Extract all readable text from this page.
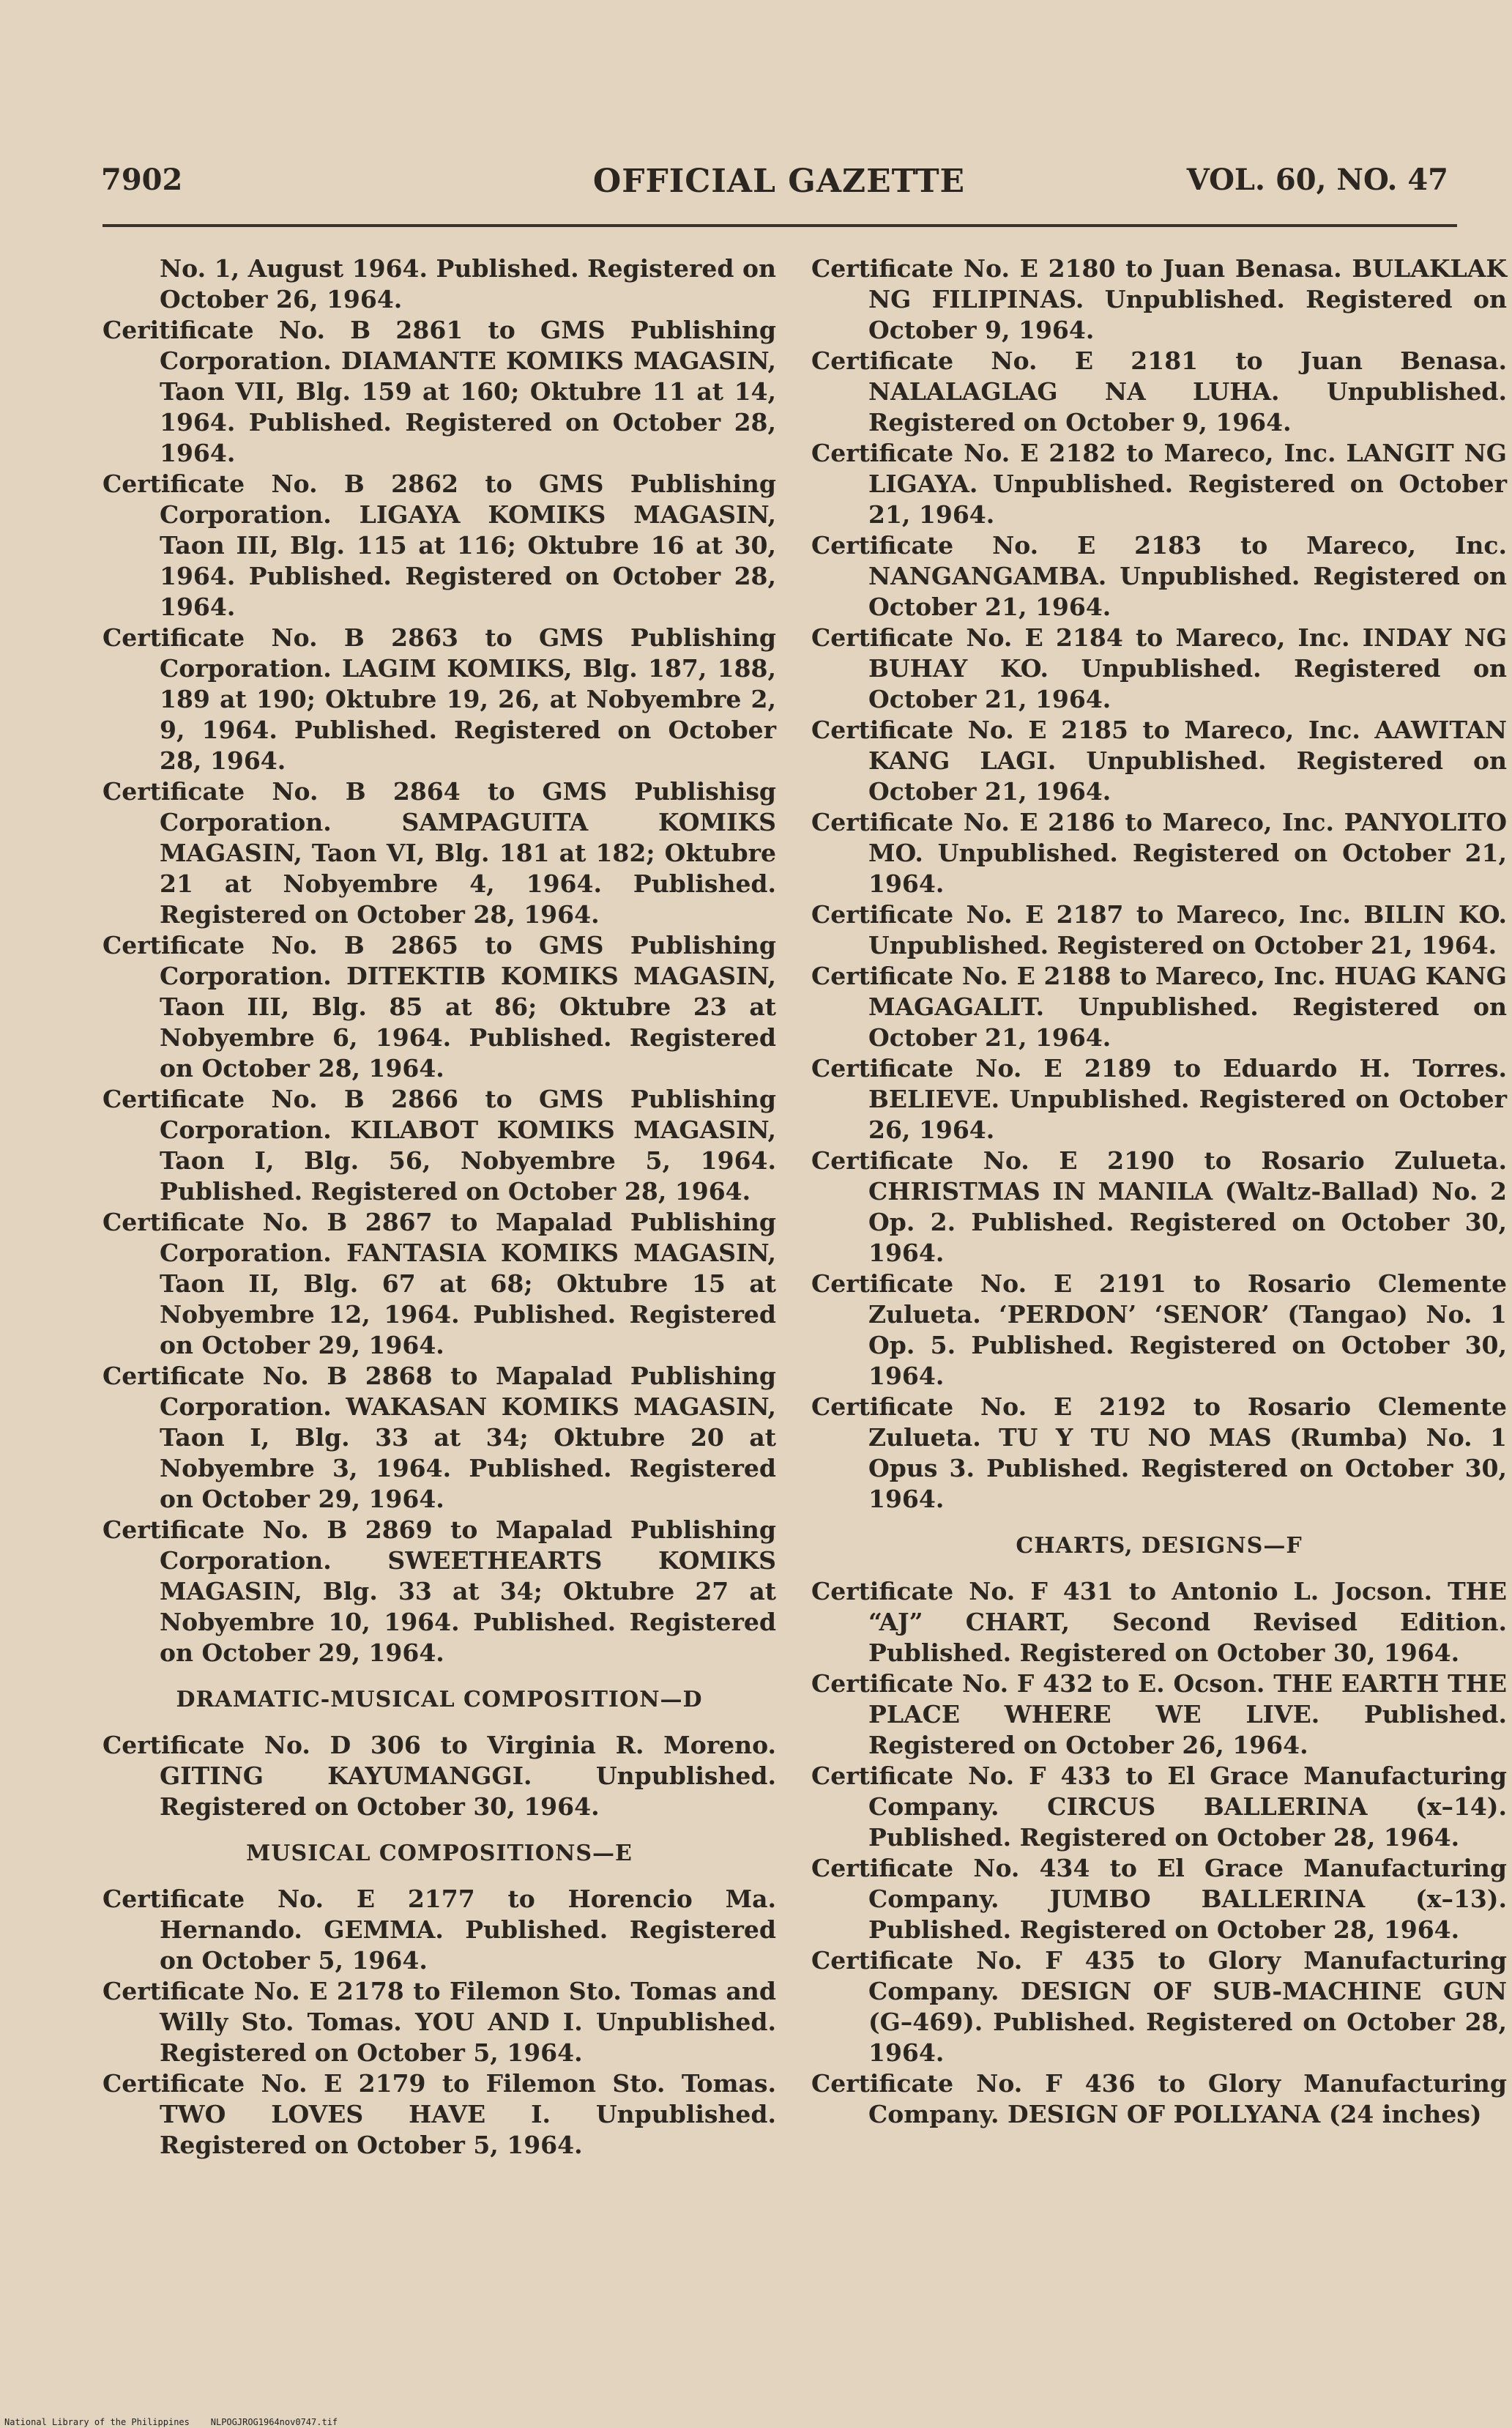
7902	OFFICIAL GAZETTE	VOL. 60, NO. 47

No. 1, August 1964. Published. Registered on October 26, 1964.

Ceritificate No. B 2861 to GMS Publishing Corporation. DIAMANTE KOMIKS MAGASIN, Taon VII, Blg. 159 at 160; Oktubre 11 at 14, 1964. Published. Registered on October 28, 1964.

Certificate No. B 2862 to GMS Publishing Corporation. LIGAYA KOMIKS MAGASIN, Taon III, Blg. 115 at 116; Oktubre 16 at 30, 1964. Published. Registered on October 28, 1964.

Certificate No. B 2863 to GMS Publishing Corporation. LAGIM KOMIKS, Blg. 187, 188, 189 at 190; Oktubre 19, 26, at Nobyembre 2, 9, 1964. Published. Registered on October 28, 1964.

Certificate No. B 2864 to GMS Publishisg Corporation. SAMPAGUITA KOMIKS MAGASIN, Taon VI, Blg. 181 at 182; Oktubre 21 at Nobyembre 4, 1964. Published. Registered on October 28, 1964.

Certificate No. B 2865 to GMS Publishing Corporation. DITEKTIB KOMIKS MAGASIN, Taon III, Blg. 85 at 86; Oktubre 23 at Nobyembre 6, 1964. Published. Registered on October 28, 1964.

Certificate No. B 2866 to GMS Publishing Corporation. KILABOT KOMIKS MAGASIN, Taon I, Blg. 56, Nobyembre 5, 1964. Published. Registered on October 28, 1964.

Certificate No. B 2867 to Mapalad Publishing Corporation. FANTASIA KOMIKS MAGASIN, Taon II, Blg. 67 at 68; Oktubre 15 at Nobyembre 12, 1964. Published. Registered on October 29, 1964.

Certificate No. B 2868 to Mapalad Publishing Corporation. WAKASAN KOMIKS MAGASIN, Taon I, Blg. 33 at 34; Oktubre 20 at Nobyembre 3, 1964. Published. Registered on October 29, 1964.

Certificate No. B 2869 to Mapalad Publishing Corporation. SWEETHEARTS KOMIKS MAGASIN, Blg. 33 at 34; Oktubre 27 at Nobyembre 10, 1964. Published. Registered on October 29, 1964.

DRAMATIC-MUSICAL COMPOSITION—D

Certificate No. D 306 to Virginia R. Moreno. GITING KAYUMANGGI. Unpublished. Registered on October 30, 1964.

MUSICAL COMPOSITIONS—E

Certificate No. E 2177 to Horencio Ma. Hernando. GEMMA. Published. Registered on October 5, 1964.

Certificate No. E 2178 to Filemon Sto. Tomas and Willy Sto. Tomas. YOU AND I. Unpublished. Registered on October 5, 1964.

Certificate No. E 2179 to Filemon Sto. Tomas. TWO LOVES HAVE I. Unpublished. Registered on October 5, 1964.

Certificate No. E 2180 to Juan Benasa. BULAKLAK NG FILIPINAS. Unpublished. Registered on October 9, 1964.

Certificate No. E 2181 to Juan Benasa. NALALAGLAG NA LUHA. Unpublished. Registered on October 9, 1964.

Certificate No. E 2182 to Mareco, Inc. LANGIT NG LIGAYA. Unpublished. Registered on October 21, 1964.

Certificate No. E 2183 to Mareco, Inc. NANGANGAMBA. Unpublished. Registered on October 21, 1964.

Certificate No. E 2184 to Mareco, Inc. INDAY NG BUHAY KO. Unpublished. Registered on October 21, 1964.

Certificate No. E 2185 to Mareco, Inc. AAWITAN KANG LAGI. Unpublished. Registered on October 21, 1964.

Certificate No. E 2186 to Mareco, Inc. PANYOLITO MO. Unpublished. Registered on October 21, 1964.

Certificate No. E 2187 to Mareco, Inc. BILIN KO. Unpublished. Registered on October 21, 1964.

Certificate No. E 2188 to Mareco, Inc. HUAG KANG MAGAGALIT. Unpublished. Registered on October 21, 1964.

Certificate No. E 2189 to Eduardo H. Torres. BELIEVE. Unpublished. Registered on October 26, 1964.

Certificate No. E 2190 to Rosario Zulueta. CHRISTMAS IN MANILA (Waltz-Ballad) No. 2 Op. 2. Published. Registered on October 30, 1964.

Certificate No. E 2191 to Rosario Clemente Zulueta. ‘PERDON’ ‘SENOR’ (Tangao) No. 1 Op. 5. Published. Registered on October 30, 1964.

Certificate No. E 2192 to Rosario Clemente Zulueta. TU Y TU NO MAS (Rumba) No. 1 Opus 3. Published. Registered on October 30, 1964.

CHARTS, DESIGNS—F

Certificate No. F 431 to Antonio L. Jocson. THE “AJ” CHART, Second Revised Edition. Published. Registered on October 30, 1964.

Certificate No. F 432 to E. Ocson. THE EARTH THE PLACE WHERE WE LIVE. Published. Registered on October 26, 1964.

Certificate No. F 433 to El Grace Manufacturing Company. CIRCUS BALLERINA (x–14). Published. Registered on October 28, 1964.

Certificate No. 434 to El Grace Manufacturing Company. JUMBO BALLERINA (x–13). Published. Registered on October 28, 1964.

Certificate No. F 435 to Glory Manufacturing Company. DESIGN OF SUB-MACHINE GUN (G–469). Published. Registered on October 28, 1964.

Certificate No. F 436 to Glory Manufacturing Company. DESIGN OF POLLYANA (24 inches)

National Library of the Philippines    NLPOGJROG1964nov0747.tif
